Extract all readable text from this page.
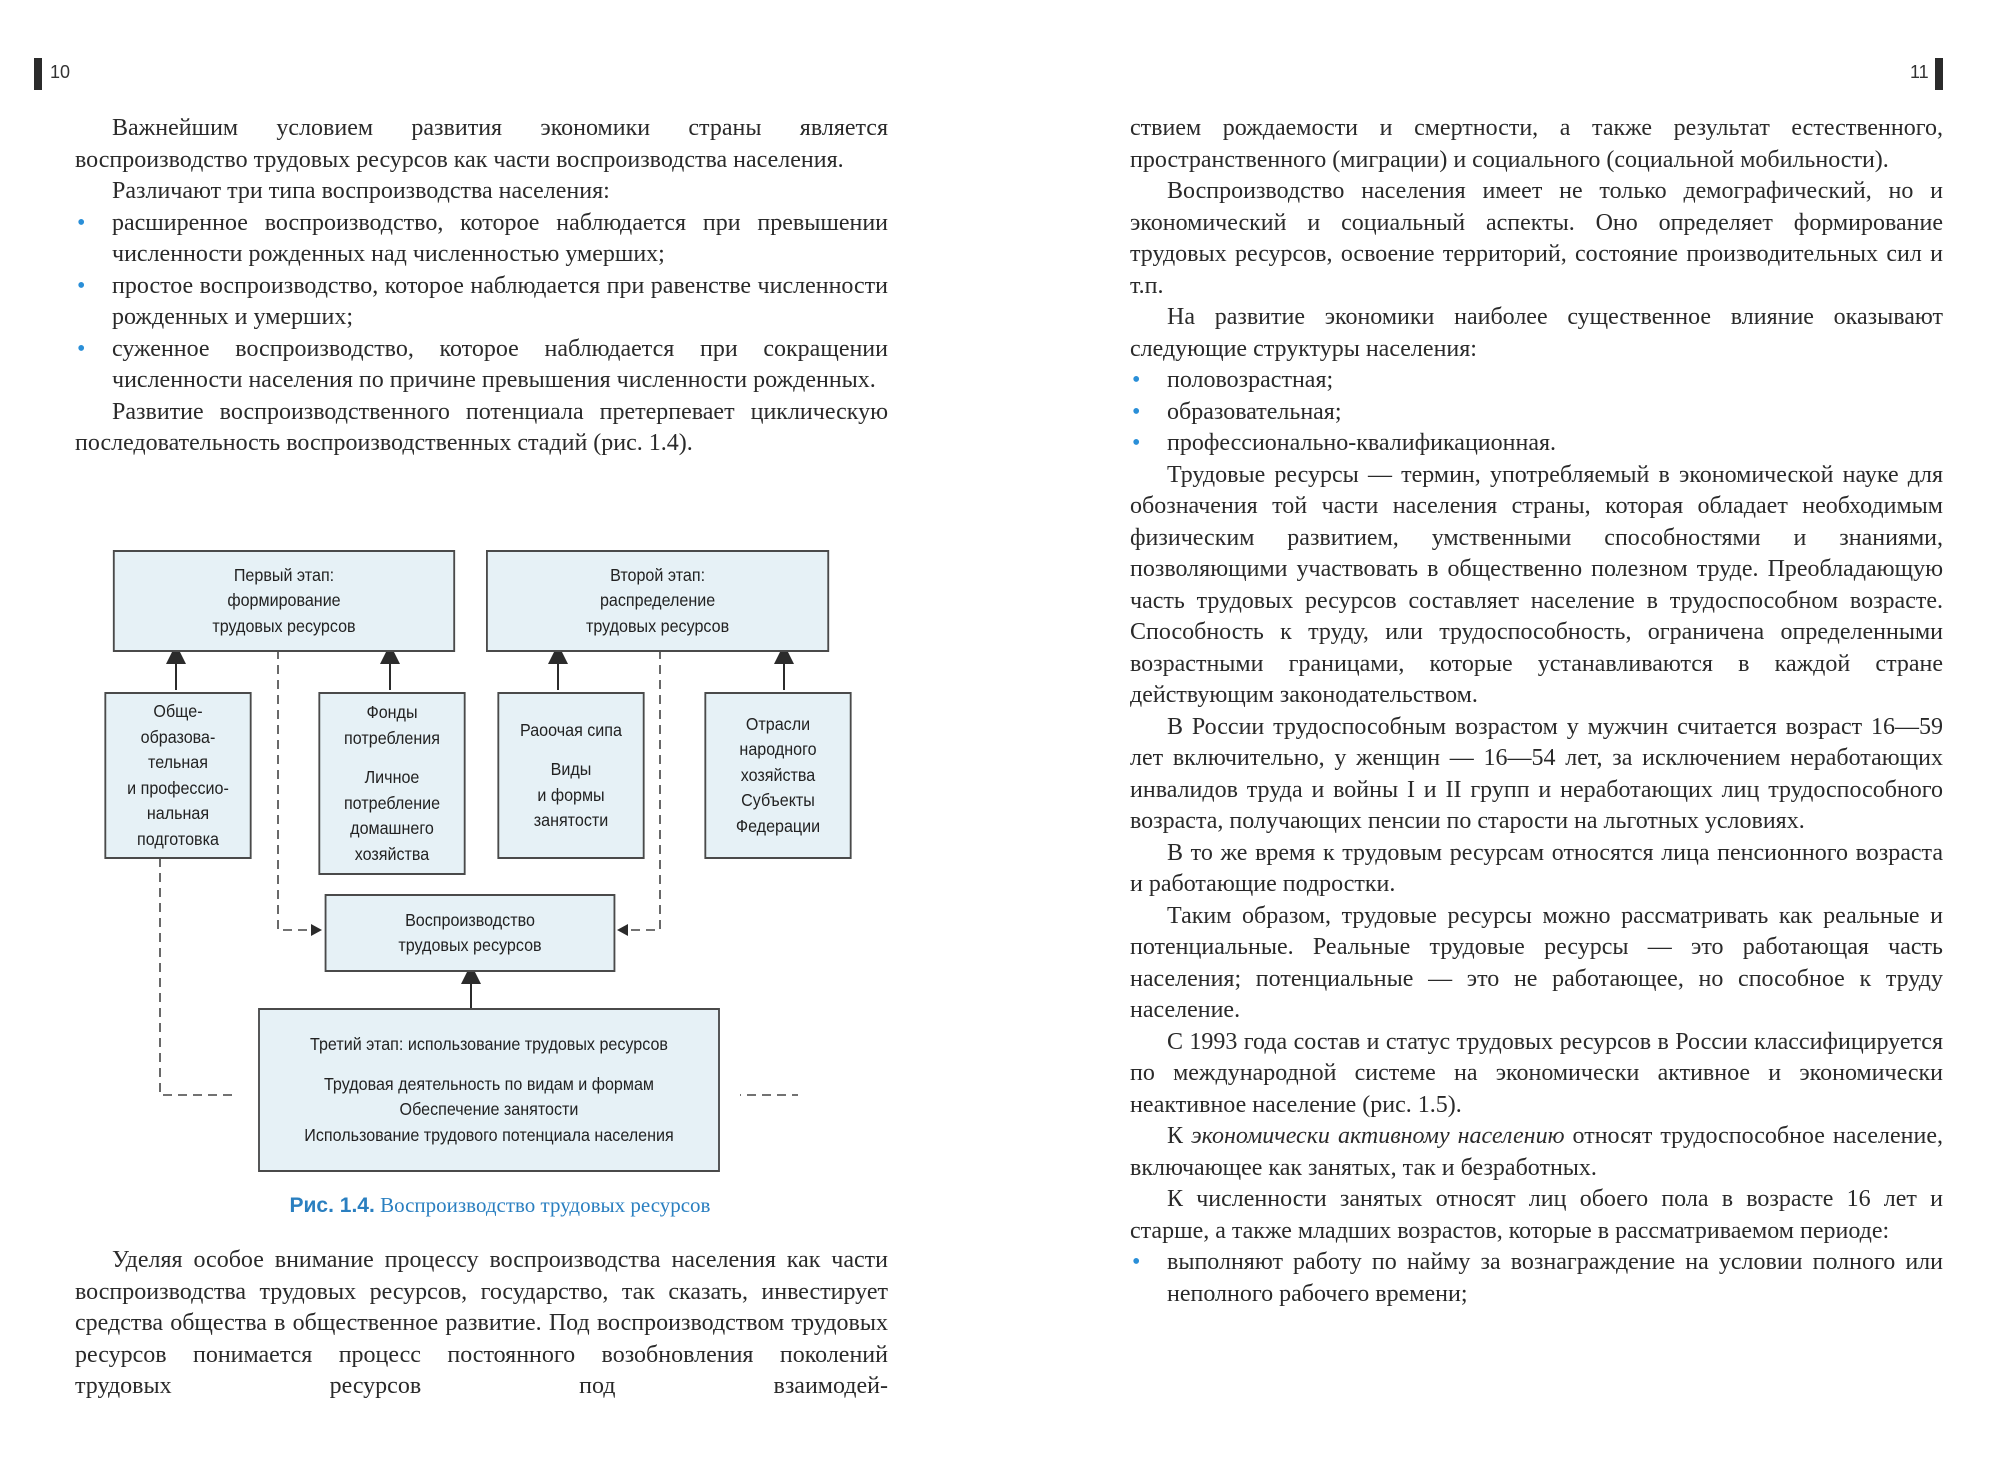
10

Важнейшим условием развития экономики страны является воспроизводство трудовых ресурсов как части воспроизводства населения.

Различают три типа воспроизводства населения:

• расширенное воспроизводство, которое наблюдается при превышении численности рожденных над численностью умерших;
• простое воспроизводство, которое наблюдается при равенстве численности рожденных и умерших;
• суженное воспроизводство, которое наблюдается при сокращении численности населения по причине превышения численности рожденных.

Развитие воспроизводственного потенциала претерпевает циклическую последовательность воспроизводственных стадий (рис. 1.4).

Первый этап:
формирование
трудовых ресурсов
Второй этап:
распределение
трудовых ресурсов
Обще-
образова-
тельная
и профессио-
нальная
подготовка
Фонды
потребления
Личное
потребление
домашнего
хозяйства
Раоочая сипа
Виды
и формы
занятости
Отрасли
народного
хозяйства
Субъекты
Федерации
Воспроизводство
трудовых ресурсов
Третий этап: использование трудовых ресурсов
Трудовая деятельность по видам и формам
Обеспечение занятости
Использование трудового потенциала населения
Рис. 1.4. Воспроизводство трудовых ресурсов

Уделяя особое внимание процессу воспроизводства населения как части воспроизводства трудовых ресурсов, государство, так сказать, инвестирует средства общества в общественное развитие. Под воспроизводством трудовых ресурсов понимается процесс постоянного возобновления поколений трудовых ресурсов под взаимодей-

11

ствием рождаемости и смертности, а также результат естественного, пространственного (миграции) и социального (социальной мобильности).

Воспроизводство населения имеет не только демографический, но и экономический и социальный аспекты. Оно определяет формирование трудовых ресурсов, освоение территорий, состояние производительных сил и т.п.

На развитие экономики наиболее существенное влияние оказывают следующие структуры населения:

• половозрастная;
• образовательная;
• профессионально-квалификационная.

Трудовые ресурсы — термин, употребляемый в экономической науке для обозначения той части населения страны, которая обладает необходимым физическим развитием, умственными способностями и знаниями, позволяющими участвовать в общественно полезном труде. Преобладающую часть трудовых ресурсов составляет население в трудоспособном возрасте. Способность к труду, или трудоспособность, ограничена определенными возрастными границами, которые устанавливаются в каждой стране действующим законодательством.

В России трудоспособным возрастом у мужчин считается возраст 16—59 лет включительно, у женщин — 16—54 лет, за исключением неработающих инвалидов труда и войны I и II групп и неработающих лиц трудоспособного возраста, получающих пенсии по старости на льготных условиях.

В то же время к трудовым ресурсам относятся лица пенсионного возраста и работающие подростки.

Таким образом, трудовые ресурсы можно рассматривать как реальные и потенциальные. Реальные трудовые ресурсы — это работающая часть населения; потенциальные — это не работающее, но способное к труду население.

С 1993 года состав и статус трудовых ресурсов в России классифицируется по международной системе на экономически активное и экономически неактивное население (рис. 1.5).

К экономически активному населению относят трудоспособное население, включающее как занятых, так и безработных.

К численности занятых относят лиц обоего пола в возрасте 16 лет и старше, а также младших возрастов, которые в рассматриваемом периоде:

• выполняют работу по найму за вознаграждение на условии полного или неполного рабочего времени;
